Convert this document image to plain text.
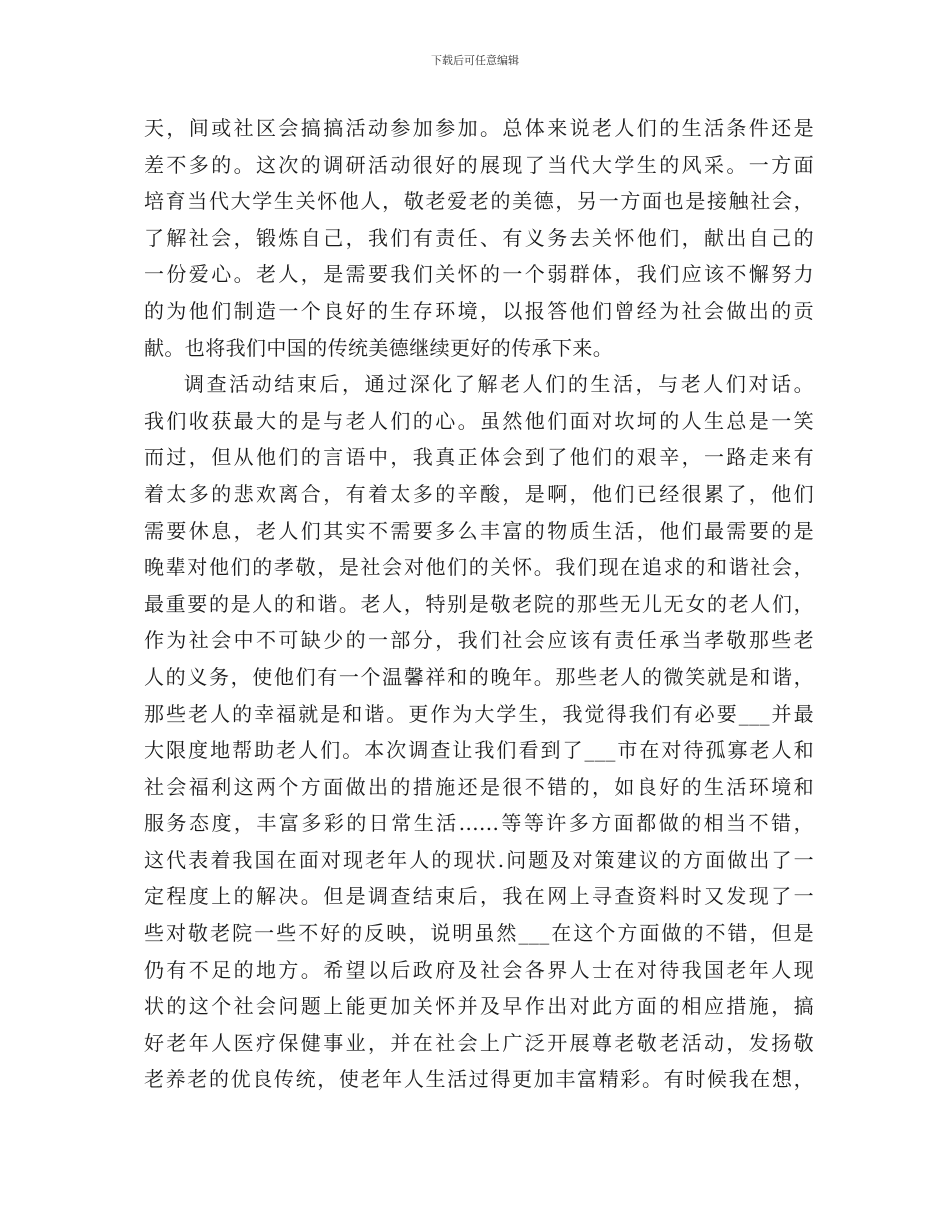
下载后可任意编辑
天，间或社区会搞搞活动参加参加。总体来说老人们的生活条件还是
差不多的。这次的调研活动很好的展现了当代大学生的风采。一方面
培育当代大学生关怀他人，敬老爱老的美德，另一方面也是接触社会，
了解社会，锻炼自己，我们有责任、有义务去关怀他们，献出自己的
一份爱心。老人，是需要我们关怀的一个弱群体，我们应该不懈努力
的为他们制造一个良好的生存环境，以报答他们曾经为社会做出的贡
献。也将我们中国的传统美德继续更好的传承下来。
调查活动结束后，通过深化了解老人们的生活，与老人们对话。
我们收获最大的是与老人们的心。虽然他们面对坎坷的人生总是一笑
而过，但从他们的言语中，我真正体会到了他们的艰辛，一路走来有
着太多的悲欢离合，有着太多的辛酸，是啊，他们已经很累了，他们
需要休息，老人们其实不需要多么丰富的物质生活，他们最需要的是
晚辈对他们的孝敬，是社会对他们的关怀。我们现在追求的和谐社会，
最重要的是人的和谐。老人，特别是敬老院的那些无儿无女的老人们，
作为社会中不可缺少的一部分，我们社会应该有责任承当孝敬那些老
人的义务，使他们有一个温馨祥和的晚年。那些老人的微笑就是和谐，
那些老人的幸福就是和谐。更作为大学生，我觉得我们有必要___并最
大限度地帮助老人们。本次调查让我们看到了___市在对待孤寡老人和
社会福利这两个方面做出的措施还是很不错的，如良好的生活环境和
服务态度，丰富多彩的日常生活......等等许多方面都做的相当不错，
这代表着我国在面对现老年人的现状.问题及对策建议的方面做出了一
定程度上的解决。但是调查结束后，我在网上寻查资料时又发现了一
些对敬老院一些不好的反映，说明虽然___在这个方面做的不错，但是
仍有不足的地方。希望以后政府及社会各界人士在对待我国老年人现
状的这个社会问题上能更加关怀并及早作出对此方面的相应措施，搞
好老年人医疗保健事业，并在社会上广泛开展尊老敬老活动，发扬敬
老养老的优良传统，使老年人生活过得更加丰富精彩。有时候我在想，
